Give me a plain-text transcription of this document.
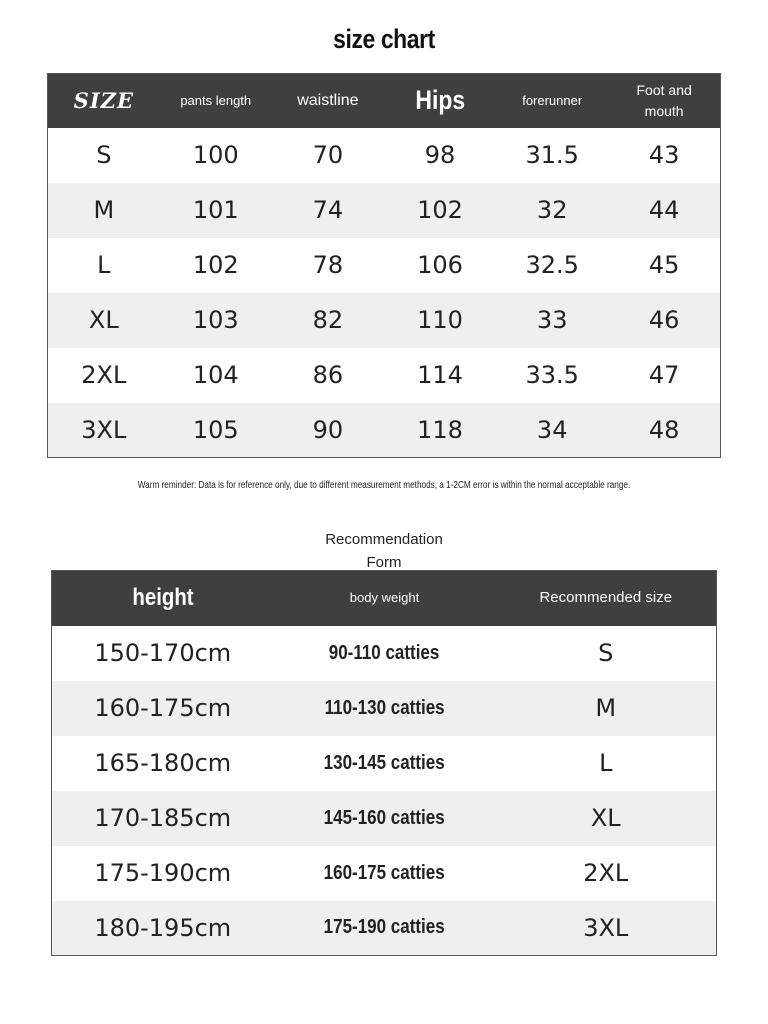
size chart
SIZE	pants length	waistline	Hips	forerunner	Foot and mouth

S	100	70	98	31.5	43
M	101	74	102	32	44
L	102	78	106	32.5	45
XL	103	82	110	33	46
2XL	104	86	114	33.5	47
3XL	105	90	118	34	48
Warm reminder: Data is for reference only, due to different measurement methods, a 1-2CM error is within the normal acceptable range.
Recommendation
Form
height	body weight	Recommended size
150-170cm	90-110 catties	S
160-175cm	110-130 catties	M
165-180cm	130-145 catties	L
170-185cm	145-160 catties	XL
175-190cm	160-175 catties	2XL
180-195cm	175-190 catties	3XL
